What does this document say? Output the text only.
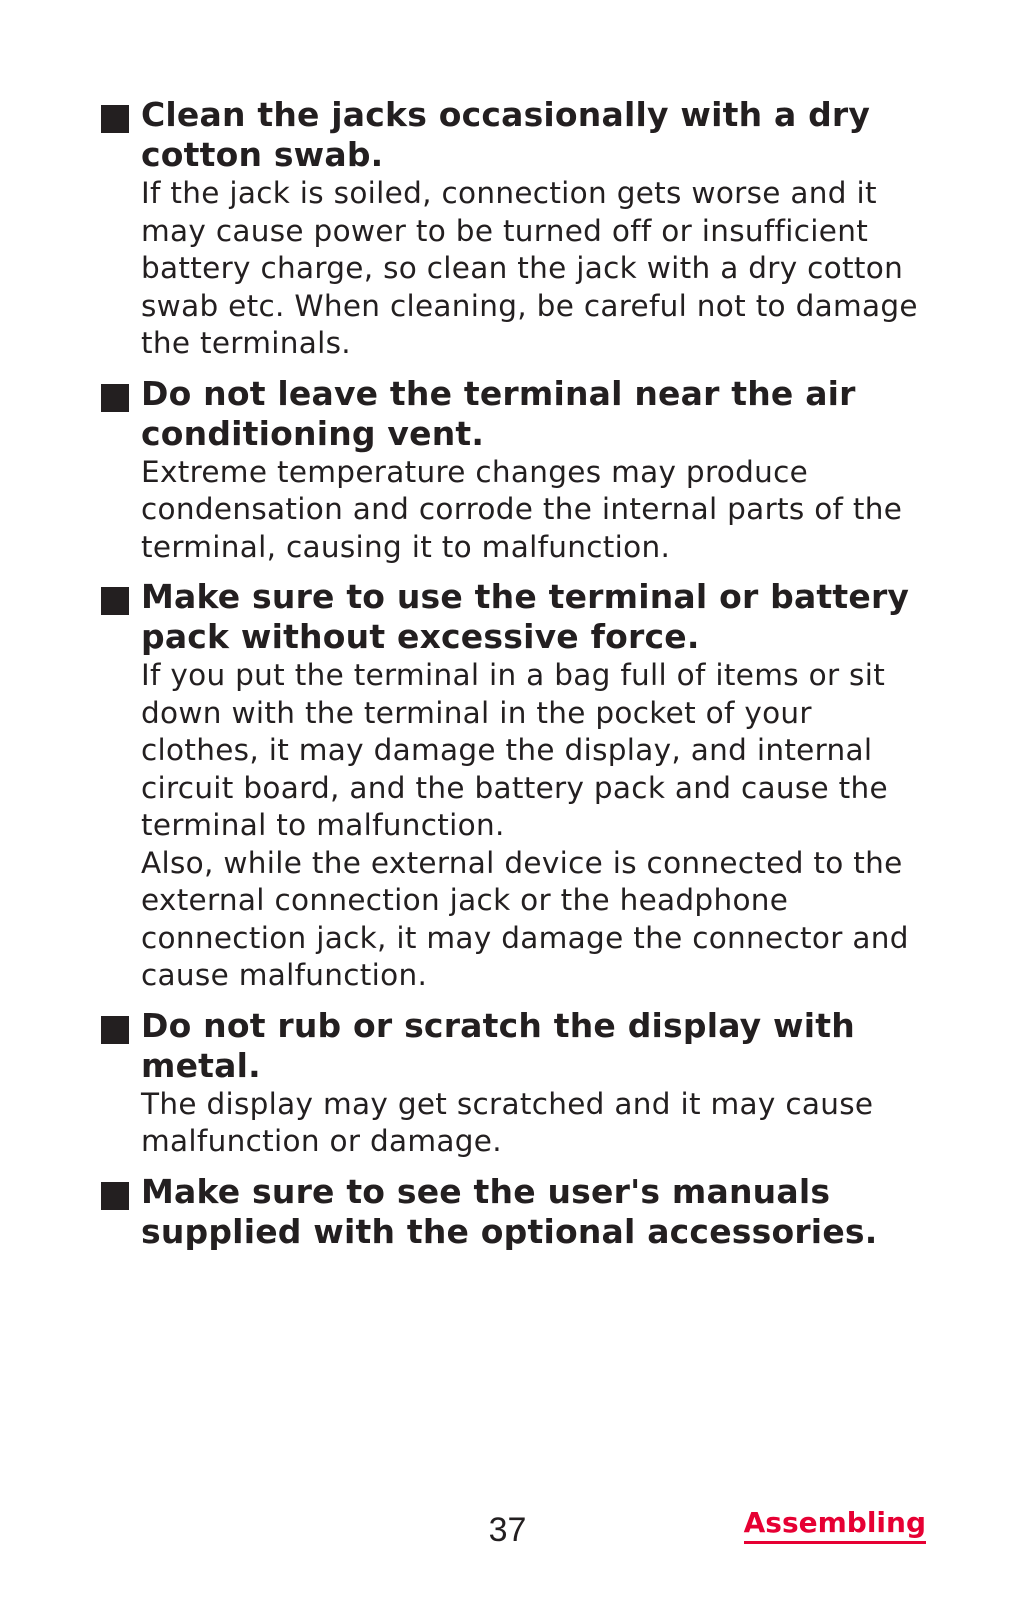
Clean the jacks occasionally with a dry cotton swab.

If the jack is soiled, connection gets worse and it may cause power to be turned off or insufficient battery charge, so clean the jack with a dry cotton swab etc. When cleaning, be careful not to damage the terminals.

Do not leave the terminal near the air conditioning vent.

Extreme temperature changes may produce condensation and corrode the internal parts of the terminal, causing it to malfunction.

Make sure to use the terminal or battery pack without excessive force.

If you put the terminal in a bag full of items or sit down with the terminal in the pocket of your clothes, it may damage the display, and internal circuit board, and the battery pack and cause the terminal to malfunction.

Also, while the external device is connected to the external connection jack or the headphone connection jack, it may damage the connector and cause malfunction.

Do not rub or scratch the display with metal.

The display may get scratched and it may cause malfunction or damage.

Make sure to see the user's manuals supplied with the optional accessories.
37	Assembling
